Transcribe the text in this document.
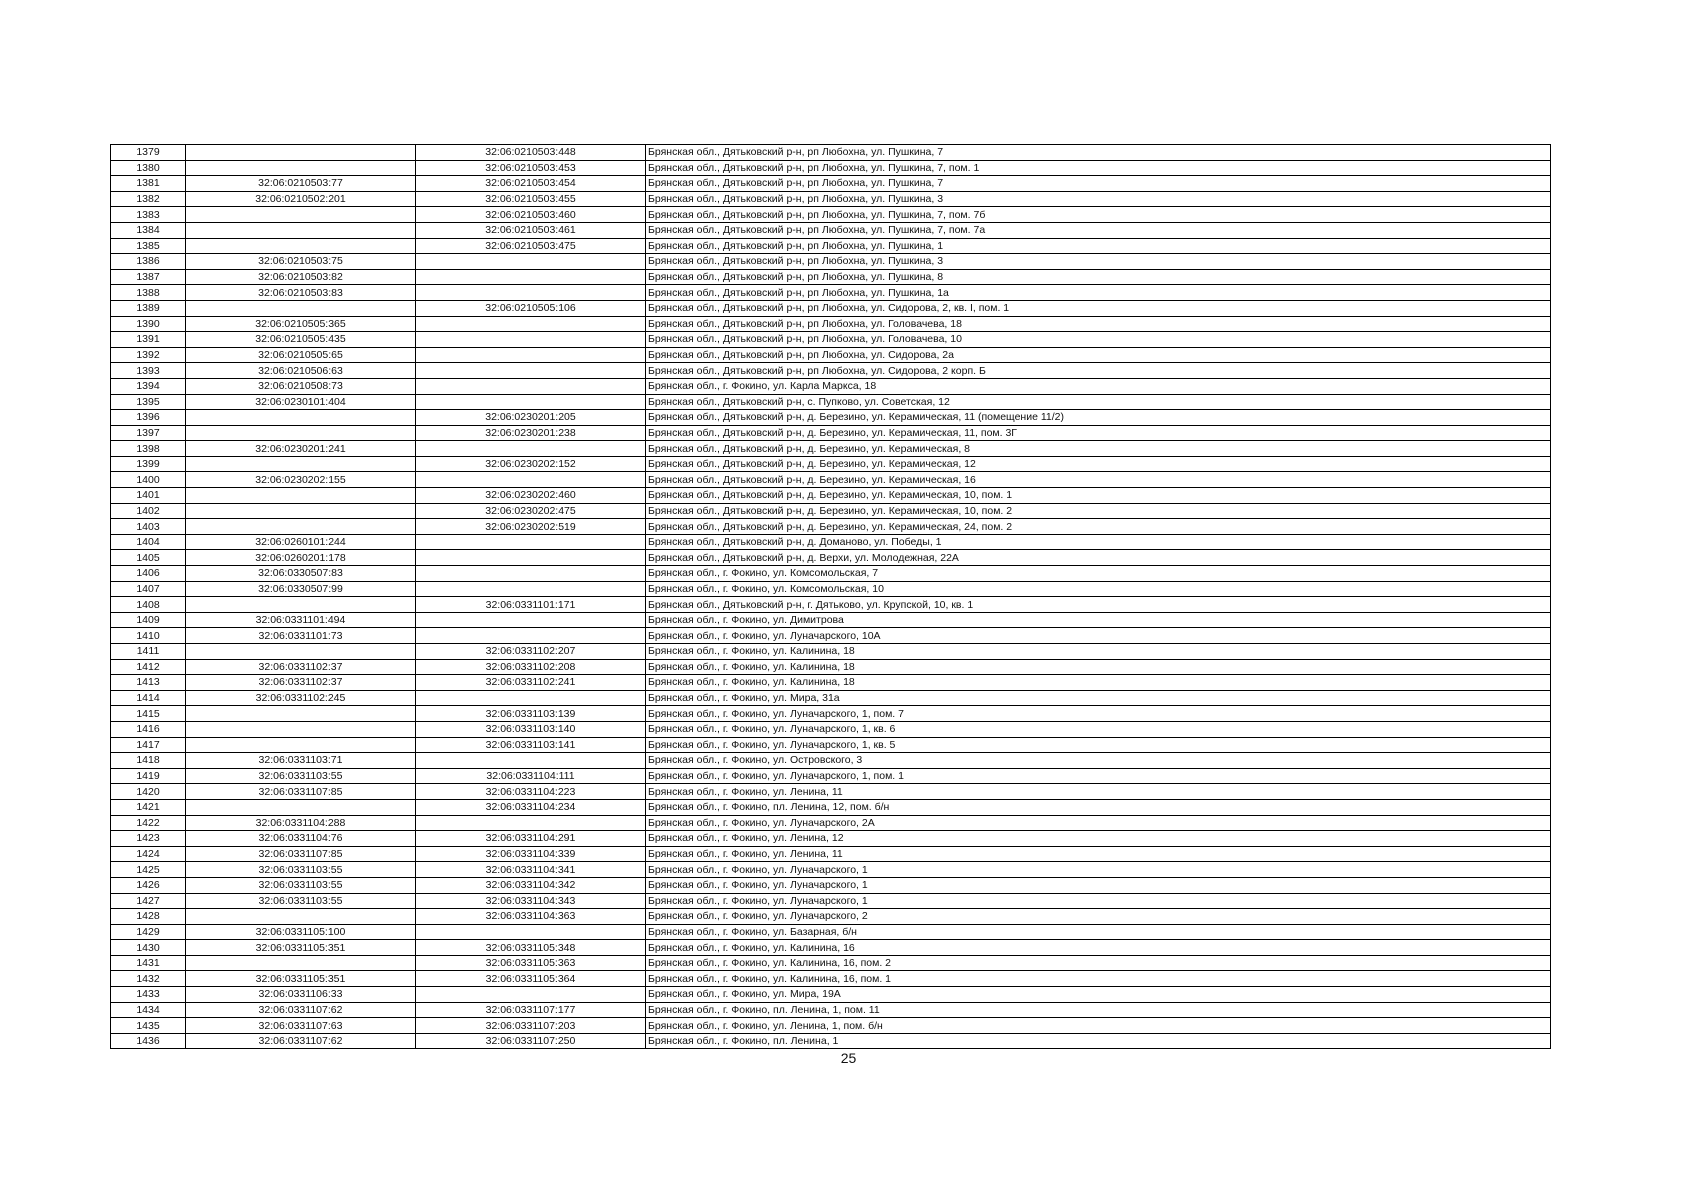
1379		32:06:0210503:448	Брянская обл., Дятьковский р-н, рп Любохна, ул. Пушкина, 7
1380		32:06:0210503:453	Брянская обл., Дятьковский р-н, рп Любохна, ул. Пушкина, 7, пом. 1
1381	32:06:0210503:77	32:06:0210503:454	Брянская обл., Дятьковский р-н, рп Любохна, ул. Пушкина, 7
1382	32:06:0210502:201	32:06:0210503:455	Брянская обл., Дятьковский р-н, рп Любохна, ул. Пушкина, 3
1383		32:06:0210503:460	Брянская обл., Дятьковский р-н, рп Любохна, ул. Пушкина, 7, пом. 7б
1384		32:06:0210503:461	Брянская обл., Дятьковский р-н, рп Любохна, ул. Пушкина, 7, пом. 7а
1385		32:06:0210503:475	Брянская обл., Дятьковский р-н, рп Любохна, ул. Пушкина, 1
1386	32:06:0210503:75		Брянская обл., Дятьковский р-н, рп Любохна, ул. Пушкина, 3
1387	32:06:0210503:82		Брянская обл., Дятьковский р-н, рп Любохна, ул. Пушкина, 8
1388	32:06:0210503:83		Брянская обл., Дятьковский р-н, рп Любохна, ул. Пушкина, 1а
1389		32:06:0210505:106	Брянская обл., Дятьковский р-н, рп Любохна, ул. Сидорова, 2, кв. I, пом. 1
1390	32:06:0210505:365		Брянская обл., Дятьковский р-н, рп Любохна, ул. Головачева, 18
1391	32:06:0210505:435		Брянская обл., Дятьковский р-н, рп Любохна, ул. Головачева, 10
1392	32:06:0210505:65		Брянская обл., Дятьковский р-н, рп Любохна, ул. Сидорова, 2а
1393	32:06:0210506:63		Брянская обл., Дятьковский р-н, рп Любохна, ул. Сидорова, 2 корп. Б
1394	32:06:0210508:73		Брянская обл., г. Фокино, ул. Карла Маркса, 18
1395	32:06:0230101:404		Брянская обл., Дятьковский р-н, с. Пупково, ул. Советская, 12
1396		32:06:0230201:205	Брянская обл., Дятьковский р-н, д. Березино, ул. Керамическая, 11 (помещение 11/2)
1397		32:06:0230201:238	Брянская обл., Дятьковский р-н, д. Березино, ул. Керамическая, 11, пом. 3Г
1398	32:06:0230201:241		Брянская обл., Дятьковский р-н, д. Березино, ул. Керамическая, 8
1399		32:06:0230202:152	Брянская обл., Дятьковский р-н, д. Березино, ул. Керамическая, 12
1400	32:06:0230202:155		Брянская обл., Дятьковский р-н, д. Березино, ул. Керамическая, 16
1401		32:06:0230202:460	Брянская обл., Дятьковский р-н, д. Березино, ул. Керамическая, 10, пом. 1
1402		32:06:0230202:475	Брянская обл., Дятьковский р-н, д. Березино, ул. Керамическая, 10, пом. 2
1403		32:06:0230202:519	Брянская обл., Дятьковский р-н, д. Березино, ул. Керамическая, 24, пом. 2
1404	32:06:0260101:244		Брянская обл., Дятьковский р-н, д. Доманово, ул. Победы, 1
1405	32:06:0260201:178		Брянская обл., Дятьковский р-н, д. Верхи, ул. Молодежная, 22А
1406	32:06:0330507:83		Брянская обл., г. Фокино, ул. Комсомольская, 7
1407	32:06:0330507:99		Брянская обл., г. Фокино, ул. Комсомольская, 10
1408		32:06:0331101:171	Брянская обл., Дятьковский р-н, г. Дятьково, ул. Крупской, 10, кв. 1
1409	32:06:0331101:494		Брянская обл., г. Фокино, ул. Димитрова
1410	32:06:0331101:73		Брянская обл., г. Фокино, ул. Луначарского, 10А
1411		32:06:0331102:207	Брянская обл., г. Фокино, ул. Калинина, 18
1412	32:06:0331102:37	32:06:0331102:208	Брянская обл., г. Фокино, ул. Калинина, 18
1413	32:06:0331102:37	32:06:0331102:241	Брянская обл., г. Фокино, ул. Калинина, 18
1414	32:06:0331102:245		Брянская обл., г. Фокино, ул. Мира, 31а
1415		32:06:0331103:139	Брянская обл., г. Фокино, ул. Луначарского, 1, пом. 7
1416		32:06:0331103:140	Брянская обл., г. Фокино, ул. Луначарского, 1, кв. 6
1417		32:06:0331103:141	Брянская обл., г. Фокино, ул. Луначарского, 1, кв. 5
1418	32:06:0331103:71		Брянская обл., г. Фокино, ул. Островского, 3
1419	32:06:0331103:55	32:06:0331104:111	Брянская обл., г. Фокино, ул. Луначарского, 1, пом. 1
1420	32:06:0331107:85	32:06:0331104:223	Брянская обл., г. Фокино, ул. Ленина, 11
1421		32:06:0331104:234	Брянская обл., г. Фокино, пл. Ленина, 12, пом. б/н
1422	32:06:0331104:288		Брянская обл., г. Фокино, ул. Луначарского, 2А
1423	32:06:0331104:76	32:06:0331104:291	Брянская обл., г. Фокино, ул. Ленина, 12
1424	32:06:0331107:85	32:06:0331104:339	Брянская обл., г. Фокино, ул. Ленина, 11
1425	32:06:0331103:55	32:06:0331104:341	Брянская обл., г. Фокино, ул. Луначарского, 1
1426	32:06:0331103:55	32:06:0331104:342	Брянская обл., г. Фокино, ул. Луначарского, 1
1427	32:06:0331103:55	32:06:0331104:343	Брянская обл., г. Фокино, ул. Луначарского, 1
1428		32:06:0331104:363	Брянская обл., г. Фокино, ул. Луначарского, 2
1429	32:06:0331105:100		Брянская обл., г. Фокино, ул. Базарная, б/н
1430	32:06:0331105:351	32:06:0331105:348	Брянская обл., г. Фокино, ул. Калинина, 16
1431		32:06:0331105:363	Брянская обл., г. Фокино, ул. Калинина, 16, пом. 2
1432	32:06:0331105:351	32:06:0331105:364	Брянская обл., г. Фокино, ул. Калинина, 16, пом. 1
1433	32:06:0331106:33		Брянская обл., г. Фокино, ул. Мира, 19А
1434	32:06:0331107:62	32:06:0331107:177	Брянская обл., г. Фокино, пл. Ленина, 1, пом. 11
1435	32:06:0331107:63	32:06:0331107:203	Брянская обл., г. Фокино, ул. Ленина, 1, пом. б/н
1436	32:06:0331107:62	32:06:0331107:250	Брянская обл., г. Фокино, пл. Ленина, 1
25
